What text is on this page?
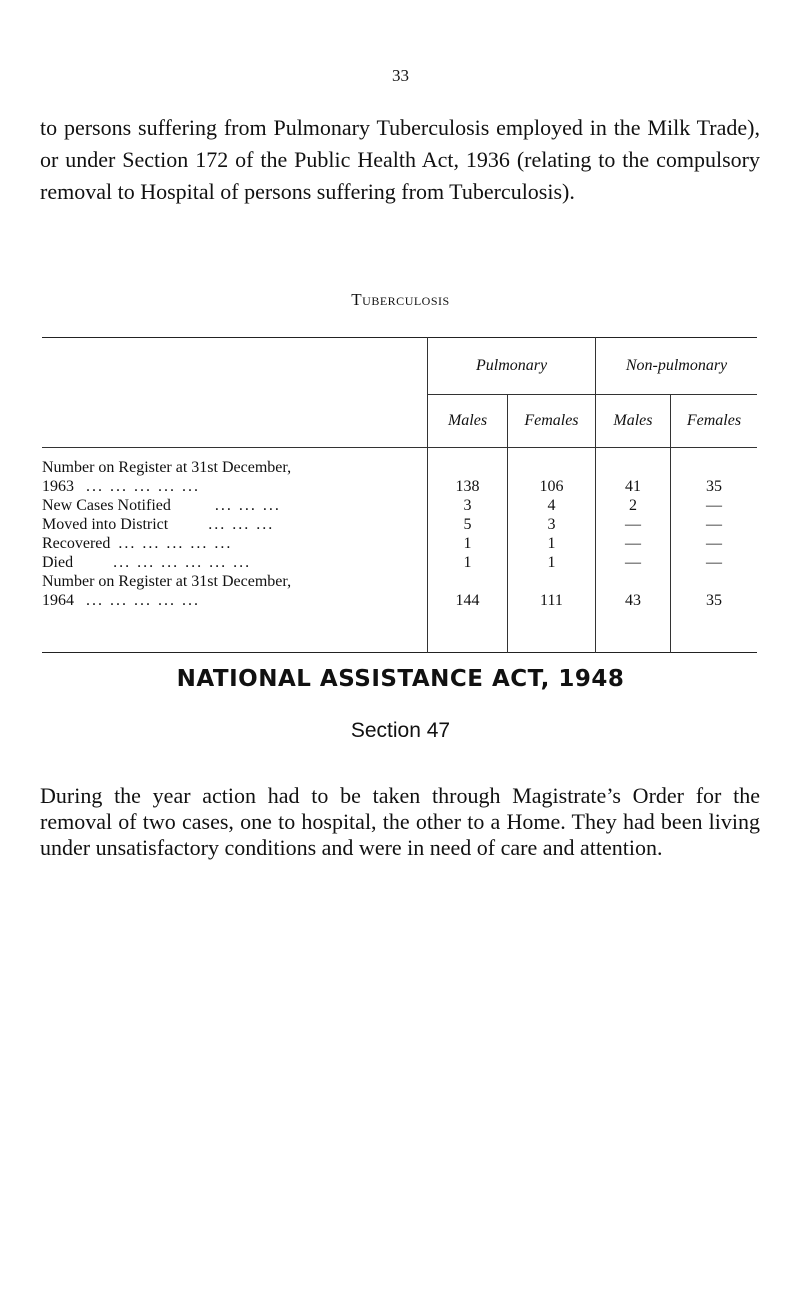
33

to persons suffering from Pulmonary Tuberculosis employed in the Milk Trade), or under Section 172 of the Public Health Act, 1936 (relating to the compulsory removal to Hospital of persons suffering from Tuberculosis).

Tuberculosis
	Pulmonary		Non-pulmonary	
	Males	Females	Males	Females

Number on Register at 31st December,
1963 ... ... ... ... ...	138	106	41	35
New Cases Notified ... ... ...	3	4	2	—
Moved into District ... ... ...	5	3	—	—
Recovered ... ... ... ... ...	1	1	—	—
Died ... ... ... ... ... ...	1	1	—	—

Number on Register at 31st December,
1964 ... ... ... ... ...	144	111	43	35
NATIONAL ASSISTANCE ACT, 1948
Section 47

During the year action had to be taken through Magistrate’s Order for the removal of two cases, one to hospital, the other to a Home. They had been living under unsatisfactory conditions and were in need of care and attention.
